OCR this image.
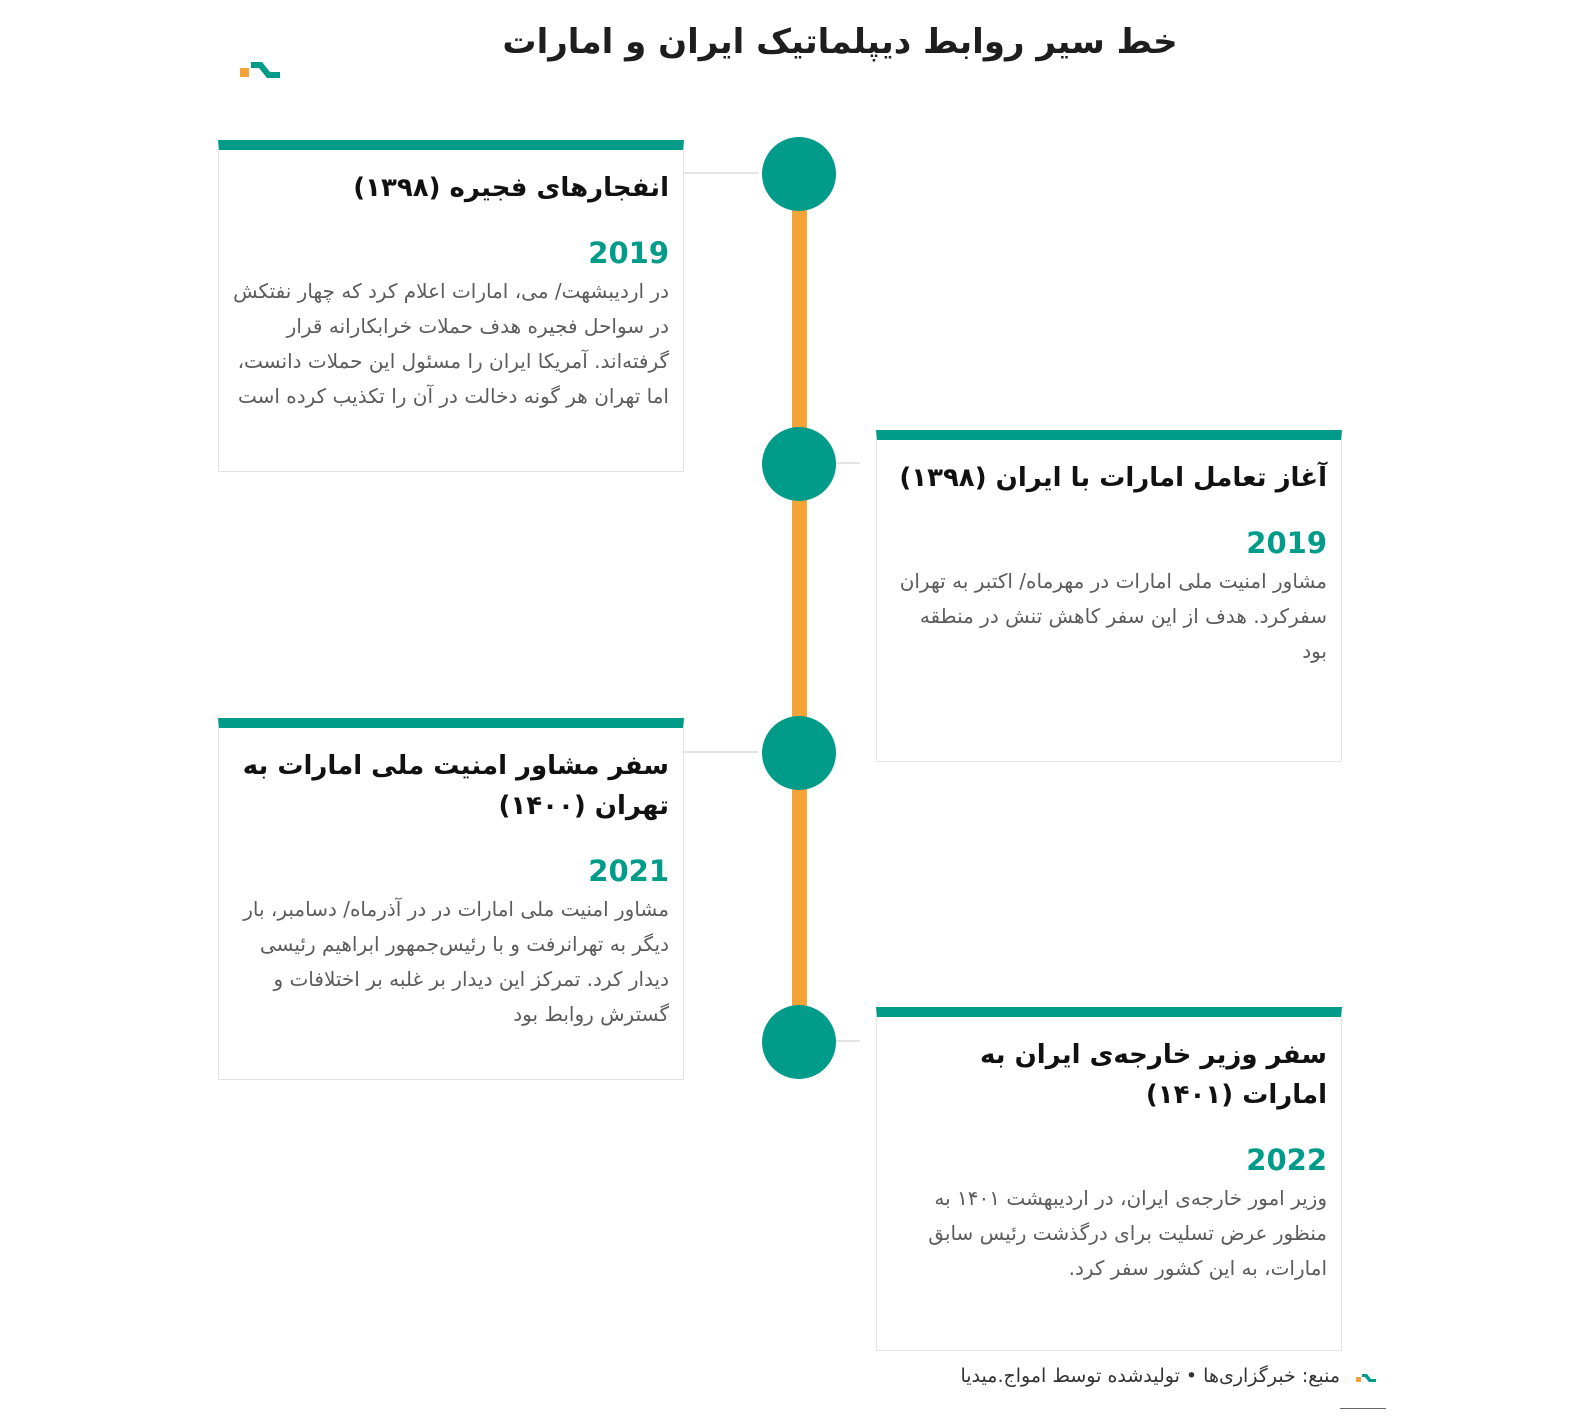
خط سیر روابط دیپلماتیک ایران و امارات
انفجارهای فجیره (۱۳۹۸)
2019
در اردیبشهت/ می، امارات اعلام کرد که چهار نفتکش در سواحل فجیره هدف حملات خرابکارانه قرار گرفته‌اند. آمریکا ایران را مسئول این حملات دانست، اما تهران هر گونه دخالت در آن را تکذیب کرده است
آغاز تعامل امارات با ایران (۱۳۹۸)
2019
مشاور امنیت ملی امارات در مهرماه/ اکتبر به تهران سفرکرد. هدف از این سفر کاهش تنش در منطقه بود
سفر مشاور امنیت ملی امارات به تهران (۱۴۰۰)
2021
مشاور امنیت ملی امارات در در آذرماه/ دسامبر، بار دیگر به تهرانرفت و با رئیس‌جمهور ابراهیم رئیسی دیدار کرد. تمرکز این دیدار بر غلبه بر اختلافات و گسترش روابط بود
سفر وزیر خارجه‌ی ایران به امارات (۱۴۰۱)
2022
وزیر امور خارجه‌ی ایران، در اردیبهشت ۱۴۰۱ به منظور عرض تسلیت برای درگذشت رئیس سابق امارات، به این کشور سفر کرد.
منبع: خبرگزاری‌ها • تولیدشده توسط امواج.میدیا
